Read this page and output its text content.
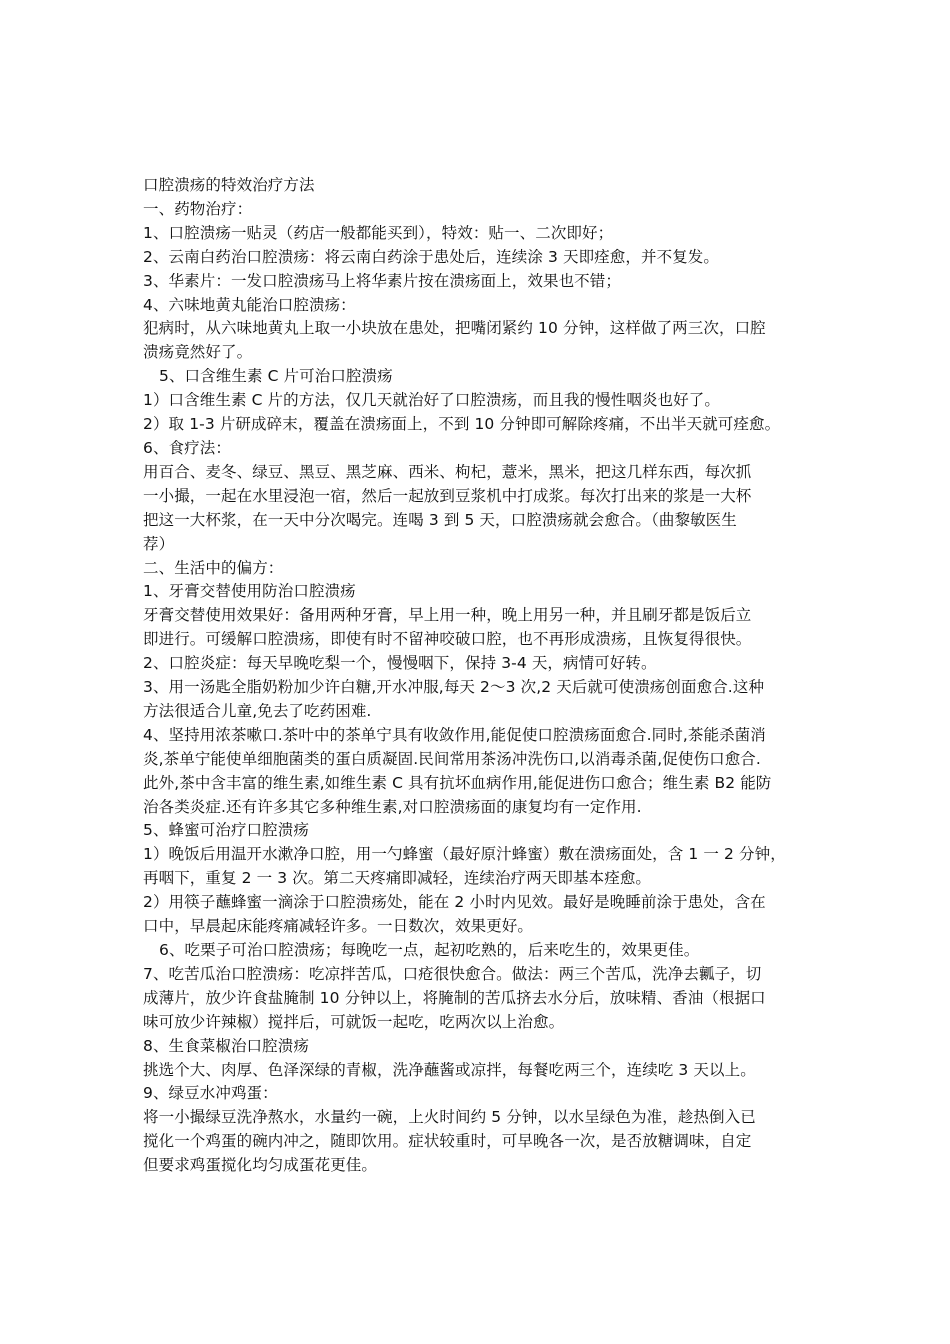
口腔溃疡的特效治疗方法
一、药物治疗：
1、口腔溃疡一贴灵（药店一般都能买到），特效：贴一、二次即好；
2、云南白药治口腔溃疡：将云南白药涂于患处后，连续涂 3 天即痊愈，并不复发。
3、华素片：一发口腔溃疡马上将华素片按在溃疡面上，效果也不错；
4、六味地黄丸能治口腔溃疡：
犯病时，从六味地黄丸上取一小块放在患处，把嘴闭紧约 10 分钟，这样做了两三次，口腔
溃疡竟然好了。
5、口含维生素 C 片可治口腔溃疡
1）口含维生素 C 片的方法，仅几天就治好了口腔溃疡，而且我的慢性咽炎也好了。
2）取 1-3 片研成碎末，覆盖在溃疡面上，不到 10 分钟即可解除疼痛，不出半天就可痊愈。
6、食疗法：
用百合、麦冬、绿豆、黑豆、黑芝麻、西米、枸杞，薏米，黑米，把这几样东西，每次抓
一小撮，一起在水里浸泡一宿，然后一起放到豆浆机中打成浆。每次打出来的浆是一大杯
把这一大杯浆，在一天中分次喝完。连喝 3 到 5 天，口腔溃疡就会愈合。（曲黎敏医生
荐）
二、生活中的偏方：
1、牙膏交替使用防治口腔溃疡
牙膏交替使用效果好：备用两种牙膏，早上用一种，晚上用另一种，并且刷牙都是饭后立
即进行。可缓解口腔溃疡，即使有时不留神咬破口腔，也不再形成溃疡，且恢复得很快。
2、口腔炎症：每天早晚吃梨一个，慢慢咽下，保持 3-4 天，病情可好转。
3、用一汤匙全脂奶粉加少许白糖,开水冲服,每天 2～3 次,2 天后就可使溃疡创面愈合.这种
方法很适合儿童,免去了吃药困难.
4、坚持用浓茶嗽口.茶叶中的茶单宁具有收敛作用,能促使口腔溃疡面愈合.同时,茶能杀菌消
炎,茶单宁能使单细胞菌类的蛋白质凝固.民间常用茶汤冲洗伤口,以消毒杀菌,促使伤口愈合.
此外,茶中含丰富的维生素,如维生素 C 具有抗坏血病作用,能促进伤口愈合；维生素 B2 能防
治各类炎症.还有许多其它多种维生素,对口腔溃疡面的康复均有一定作用.
5、蜂蜜可治疗口腔溃疡
1）晚饭后用温开水漱净口腔，用一勺蜂蜜（最好原汁蜂蜜）敷在溃疡面处，含 1 一 2 分钟，
再咽下，重复 2 一 3 次。第二天疼痛即减轻，连续治疗两天即基本痊愈。
2）用筷子蘸蜂蜜一滴涂于口腔溃疡处，能在 2 小时内见效。最好是晚睡前涂于患处，含在
口中，早晨起床能疼痛减轻许多。一日数次，效果更好。
6、吃栗子可治口腔溃疡；每晚吃一点，起初吃熟的，后来吃生的，效果更佳。
7、吃苦瓜治口腔溃疡：吃凉拌苦瓜，口疮很快愈合。做法：两三个苦瓜，洗净去瓤子，切
成薄片，放少许食盐腌制 10 分钟以上，将腌制的苦瓜挤去水分后，放味精、香油（根据口
味可放少许辣椒）搅拌后，可就饭一起吃，吃两次以上治愈。
8、生食菜椒治口腔溃疡
挑选个大、肉厚、色泽深绿的青椒，洗净蘸酱或凉拌，每餐吃两三个，连续吃 3 天以上。
9、绿豆水冲鸡蛋：
将一小撮绿豆洗净熬水，水量约一碗，上火时间约 5 分钟，以水呈绿色为准，趁热倒入已
搅化一个鸡蛋的碗内冲之，随即饮用。症状较重时，可早晚各一次，是否放糖调味，自定
但要求鸡蛋搅化均匀成蛋花更佳。
